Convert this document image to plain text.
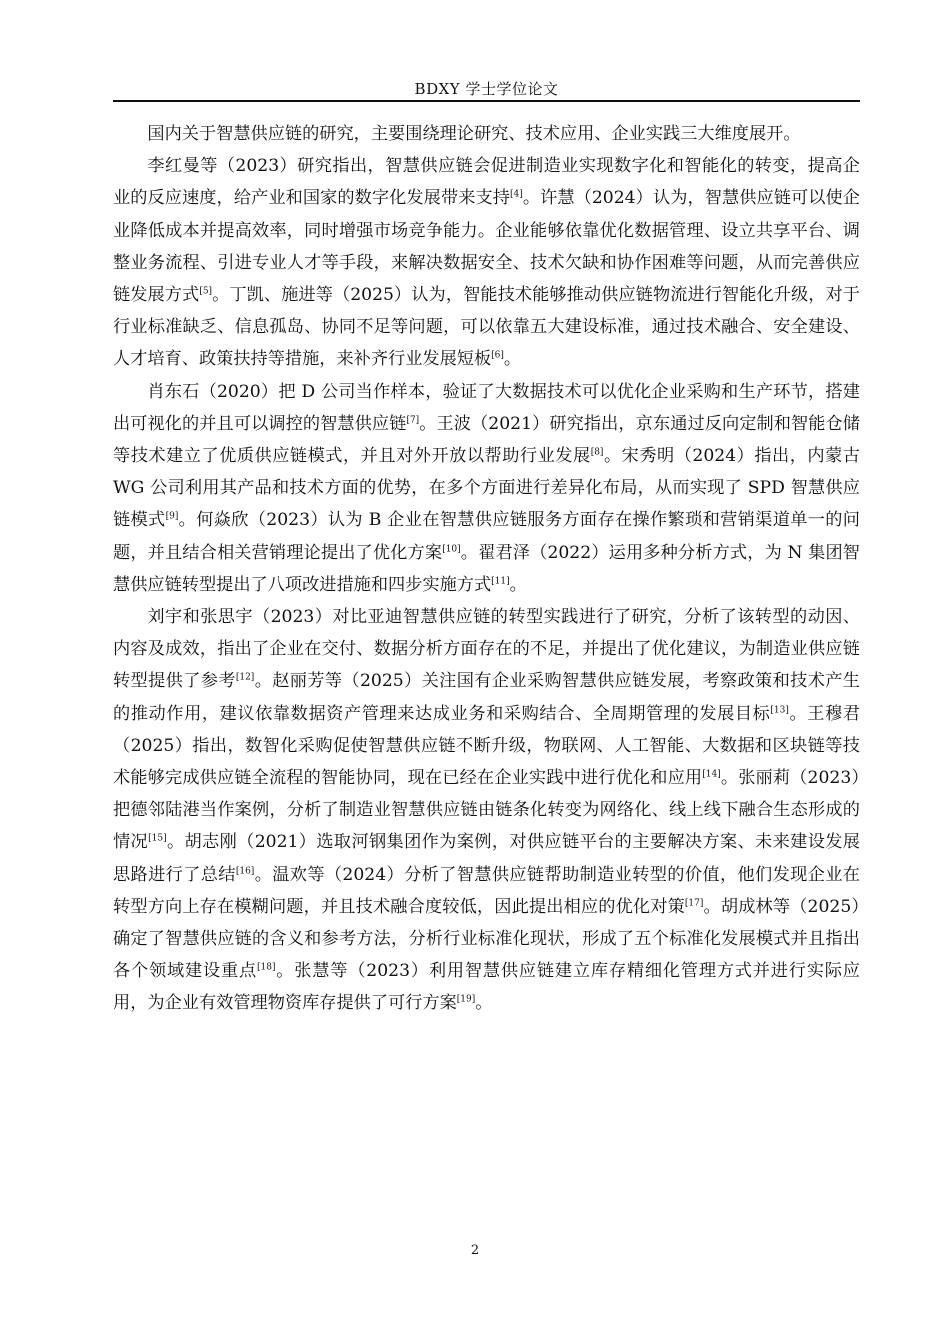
BDXY 学士学位论文

国内关于智慧供应链的研究，主要围绕理论研究、技术应用、企业实践三大维度展开。

李红曼等（2023）研究指出，智慧供应链会促进制造业实现数字化和智能化的转变，提高企业的反应速度，给产业和国家的数字化发展带来支持[4]。许慧（2024）认为，智慧供应链可以使企业降低成本并提高效率，同时增强市场竞争能力。企业能够依靠优化数据管理、设立共享平台、调整业务流程、引进专业人才等手段，来解决数据安全、技术欠缺和协作困难等问题，从而完善供应链发展方式[5]。丁凯、施进等（2025）认为，智能技术能够推动供应链物流进行智能化升级，对于行业标准缺乏、信息孤岛、协同不足等问题，可以依靠五大建设标准，通过技术融合、安全建设、人才培育、政策扶持等措施，来补齐行业发展短板[6]。

肖东石（2020）把 D 公司当作样本，验证了大数据技术可以优化企业采购和生产环节，搭建出可视化的并且可以调控的智慧供应链[7]。王波（2021）研究指出，京东通过反向定制和智能仓储等技术建立了优质供应链模式，并且对外开放以帮助行业发展[8]。宋秀明（2024）指出，内蒙古 WG 公司利用其产品和技术方面的优势，在多个方面进行差异化布局，从而实现了 SPD 智慧供应链模式[9]。何焱欣（2023）认为 B 企业在智慧供应链服务方面存在操作繁琐和营销渠道单一的问题，并且结合相关营销理论提出了优化方案[10]。翟君泽（2022）运用多种分析方式，为 N 集团智慧供应链转型提出了八项改进措施和四步实施方式[11]。

刘宇和张思宇（2023）对比亚迪智慧供应链的转型实践进行了研究，分析了该转型的动因、内容及成效，指出了企业在交付、数据分析方面存在的不足，并提出了优化建议，为制造业供应链转型提供了参考[12]。赵丽芳等（2025）关注国有企业采购智慧供应链发展，考察政策和技术产生的推动作用，建议依靠数据资产管理来达成业务和采购结合、全周期管理的发展目标[13]。王穆君（2025）指出，数智化采购促使智慧供应链不断升级，物联网、人工智能、大数据和区块链等技术能够完成供应链全流程的智能协同，现在已经在企业实践中进行优化和应用[14]。张丽莉（2023）把德邻陆港当作案例，分析了制造业智慧供应链由链条化转变为网络化、线上线下融合生态形成的情况[15]。胡志刚（2021）选取河钢集团作为案例，对供应链平台的主要解决方案、未来建设发展思路进行了总结[16]。温欢等（2024）分析了智慧供应链帮助制造业转型的价值，他们发现企业在转型方向上存在模糊问题，并且技术融合度较低，因此提出相应的优化对策[17]。胡成林等（2025）确定了智慧供应链的含义和参考方法，分析行业标准化现状，形成了五个标准化发展模式并且指出各个领域建设重点[18]。张慧等（2023）利用智慧供应链建立库存精细化管理方式并进行实际应用，为企业有效管理物资库存提供了可行方案[19]。

2
